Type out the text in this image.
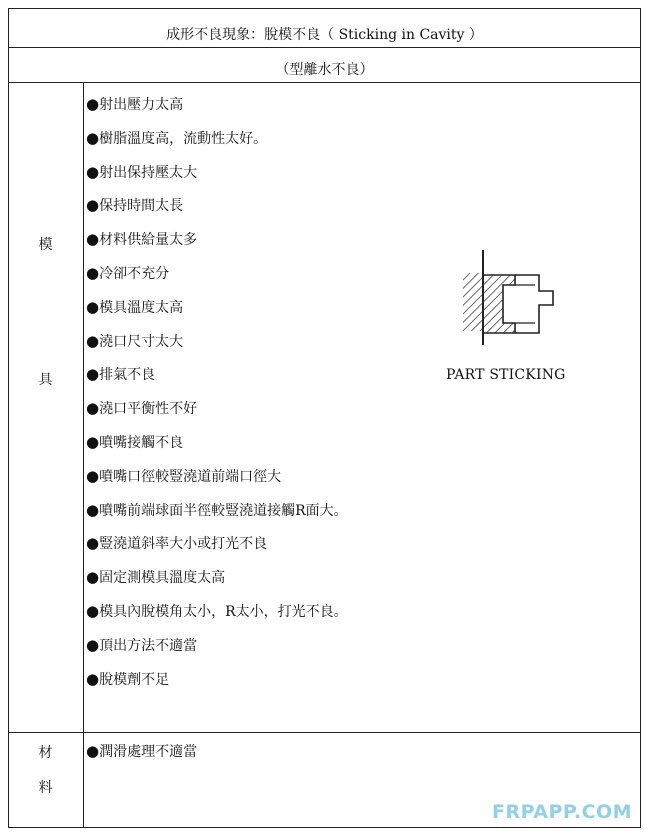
成形不良現象：脫模不良（ Sticking in Cavity ）
（型離水不良）
模
具
材
料
●射出壓力太高
●樹脂溫度高，流動性太好。
●射出保持壓太大
●保持時間太長
●材料供給量太多
●冷卻不充分
●模具溫度太高
●澆口尺寸太大
●排氣不良
●澆口平衡性不好
●噴嘴接觸不良
●噴嘴口徑較豎澆道前端口徑大
●噴嘴前端球面半徑較豎澆道接觸R面大。
●豎澆道斜率大小或打光不良
●固定測模具溫度太高
●模具內脫模角太小，R太小，打光不良。
●頂出方法不適當
●脫模劑不足
●潤滑處理不適當
PART STICKING
FRPAPP.COM
